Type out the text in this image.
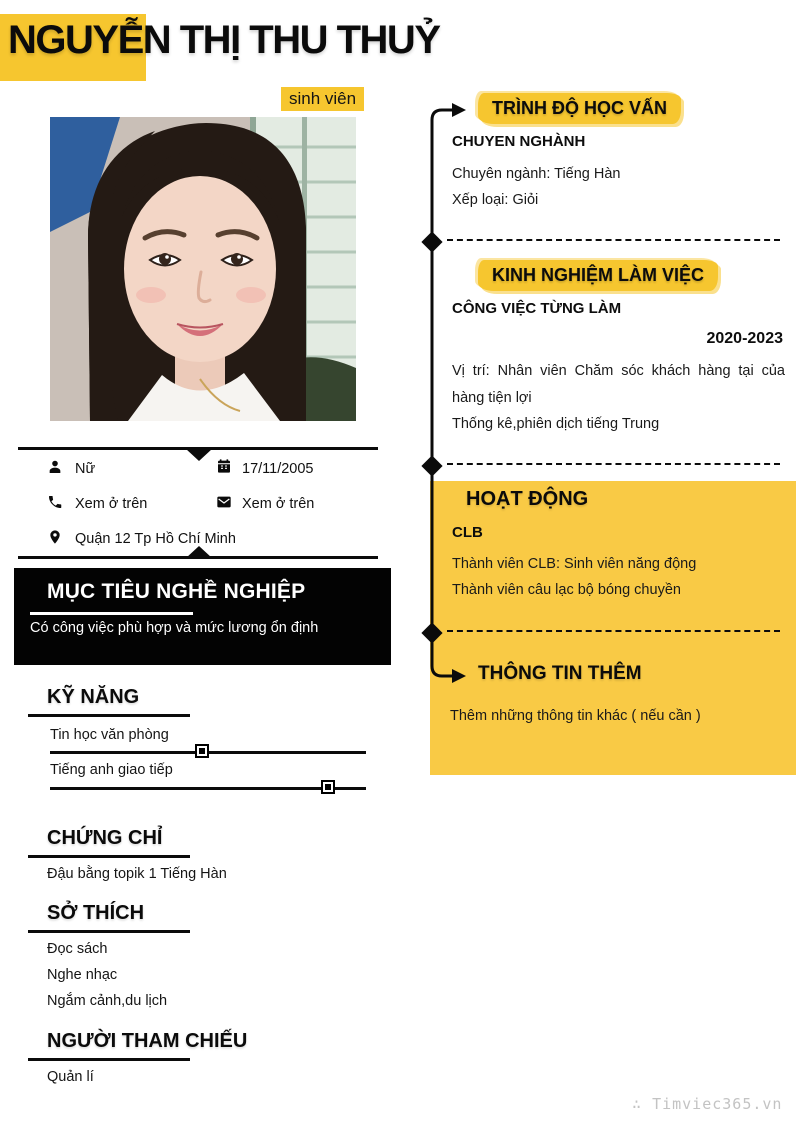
NGUYỄN THỊ THU THUỶ
sinh viên
Nữ	17/11/2005
Xem ở trên	Xem ở trên
Quận 12 Tp Hồ Chí Minh
MỤC TIÊU NGHỀ NGHIỆP

Có công việc phù hợp và mức lương ổn định

KỸ NĂNG
Tin học văn phòng
Tiếng anh giao tiếp
CHỨNG CHỈ
Đậu bằng topik 1 Tiếng Hàn
SỞ THÍCH
Đọc sách
Nghe nhạc
Ngắm cảnh,du lịch
NGƯỜI THAM CHIẾU
Quản lí
TRÌNH ĐỘ HỌC VẤN
CHUYEN NGHÀNH
Chuyên ngành: Tiếng Hàn
Xếp loại: Giỏi
KINH NGHIỆM LÀM VIỆC
CÔNG VIỆC TỪNG LÀM
2020-2023
Vị trí: Nhân viên Chăm sóc khách hàng tại của hàng tiện lợi
Thống kê,phiên dịch tiếng Trung
HOẠT ĐỘNG
CLB
Thành viên CLB: Sinh viên năng động
Thành viên câu lạc bộ bóng chuyền
THÔNG TIN THÊM
Thêm những thông tin khác ( nếu cần )
∴ Timviec365.vn
